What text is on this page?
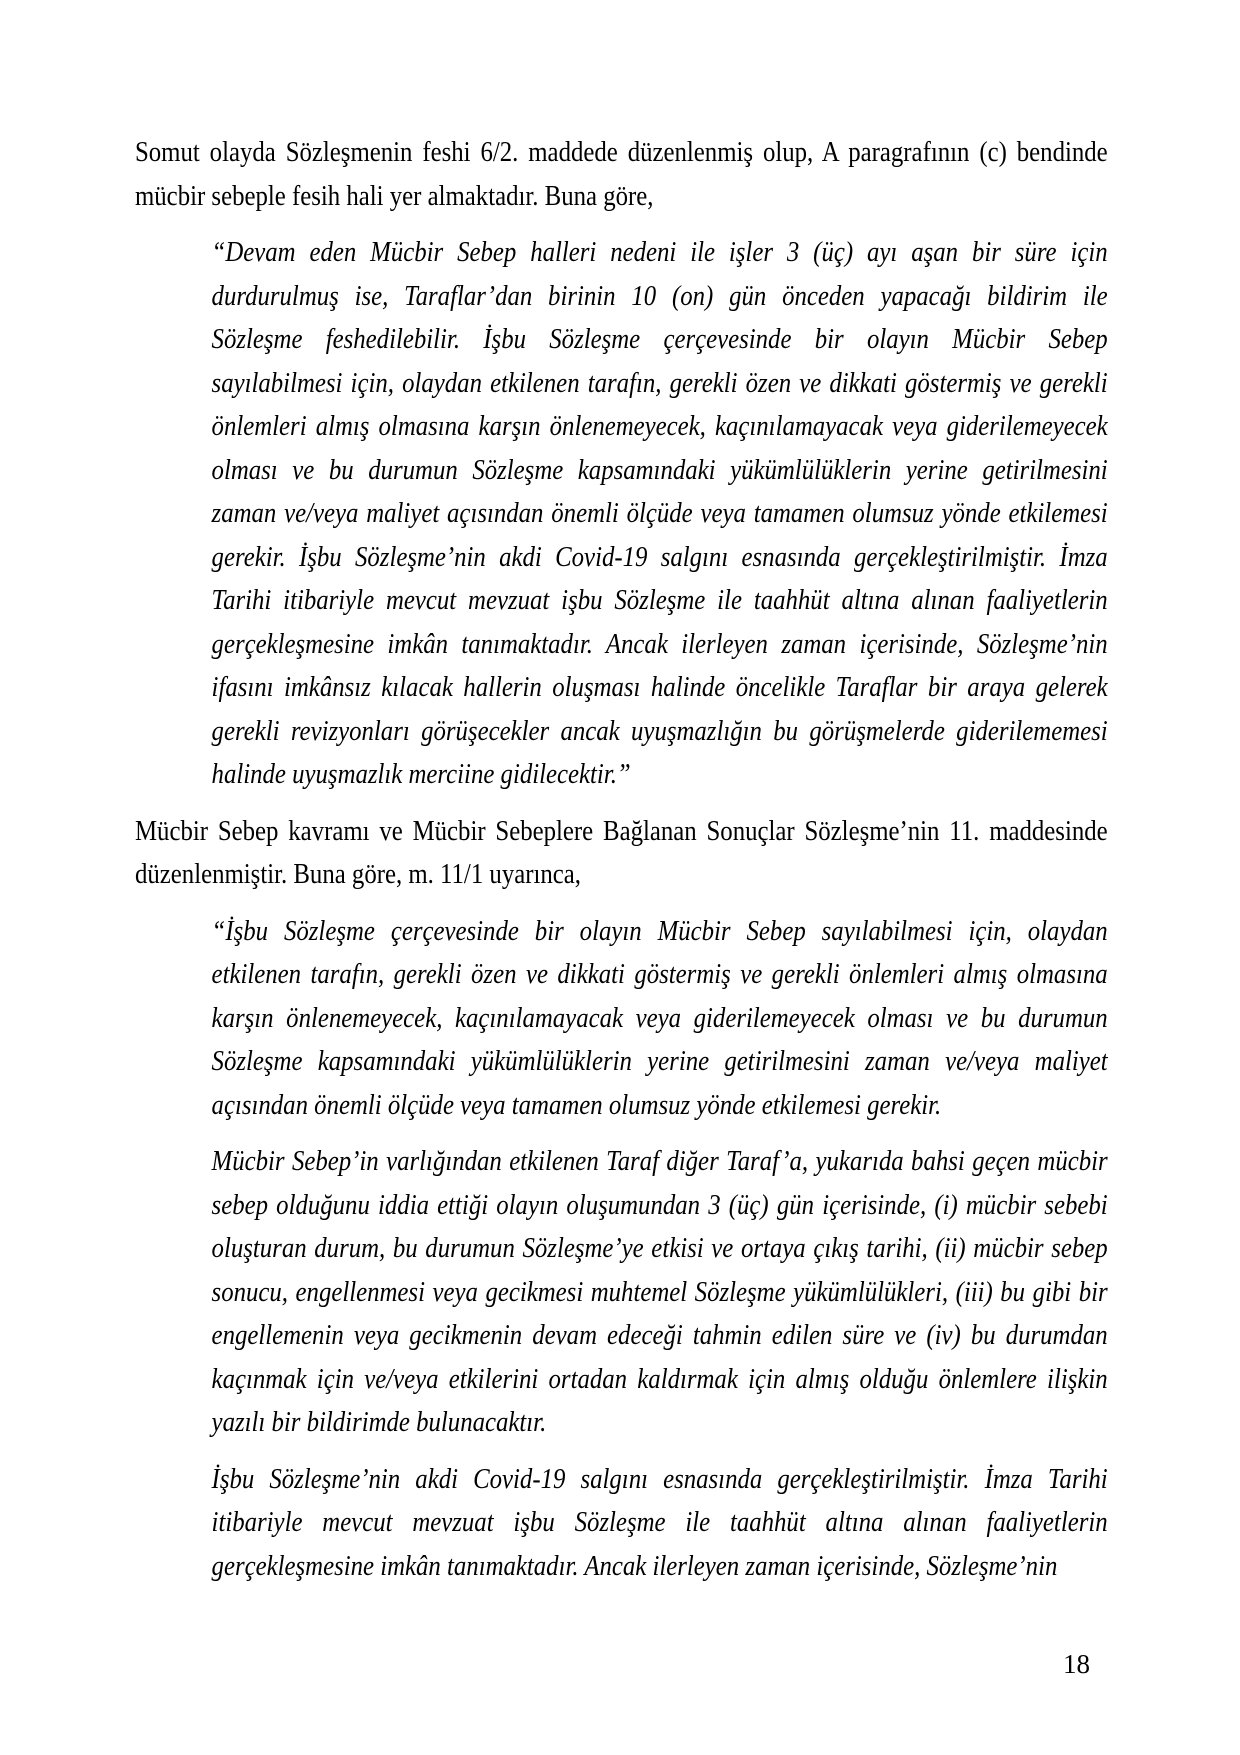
Somut olayda Sözleşmenin feshi 6/2. maddede düzenlenmiş olup, A paragrafının (c) bendinde mücbir sebeple fesih hali yer almaktadır. Buna göre,

“Devam eden Mücbir Sebep halleri nedeni ile işler 3 (üç) ayı aşan bir süre için durdurulmuş ise, Taraflar’dan birinin 10 (on) gün önceden yapacağı bildirim ile Sözleşme feshedilebilir. İşbu Sözleşme çerçevesinde bir olayın Mücbir Sebep sayılabilmesi için, olaydan etkilenen tarafın, gerekli özen ve dikkati göstermiş ve gerekli önlemleri almış olmasına karşın önlenemeyecek, kaçınılamayacak veya giderilemeyecek olması ve bu durumun Sözleşme kapsamındaki yükümlülüklerin yerine getirilmesini zaman ve/veya maliyet açısından önemli ölçüde veya tamamen olumsuz yönde etkilemesi gerekir. İşbu Sözleşme’nin akdi Covid-19 salgını esnasında gerçekleştirilmiştir. İmza Tarihi itibariyle mevcut mevzuat işbu Sözleşme ile taahhüt altına alınan faaliyetlerin gerçekleşmesine imkân tanımaktadır. Ancak ilerleyen zaman içerisinde, Sözleşme’nin ifasını imkânsız kılacak hallerin oluşması halinde öncelikle Taraflar bir araya gelerek gerekli revizyonları görüşecekler ancak uyuşmazlığın bu görüşmelerde giderilememesi halinde uyuşmazlık merciine gidilecektir.”

Mücbir Sebep kavramı ve Mücbir Sebeplere Bağlanan Sonuçlar Sözleşme’nin 11. maddesinde düzenlenmiştir. Buna göre, m. 11/1 uyarınca,

“İşbu Sözleşme çerçevesinde bir olayın Mücbir Sebep sayılabilmesi için, olaydan etkilenen tarafın, gerekli özen ve dikkati göstermiş ve gerekli önlemleri almış olmasına karşın önlenemeyecek, kaçınılamayacak veya giderilemeyecek olması ve bu durumun Sözleşme kapsamındaki yükümlülüklerin yerine getirilmesini zaman ve/veya maliyet açısından önemli ölçüde veya tamamen olumsuz yönde etkilemesi gerekir.

Mücbir Sebep’in varlığından etkilenen Taraf diğer Taraf’a, yukarıda bahsi geçen mücbir sebep olduğunu iddia ettiği olayın oluşumundan 3 (üç) gün içerisinde, (i) mücbir sebebi oluşturan durum, bu durumun Sözleşme’ye etkisi ve ortaya çıkış tarihi, (ii) mücbir sebep sonucu, engellenmesi veya gecikmesi muhtemel Sözleşme yükümlülükleri, (iii) bu gibi bir engellemenin veya gecikmenin devam edeceği tahmin edilen süre ve (iv) bu durumdan kaçınmak için ve/veya etkilerini ortadan kaldırmak için almış olduğu önlemlere ilişkin yazılı bir bildirimde bulunacaktır.

İşbu Sözleşme’nin akdi Covid-19 salgını esnasında gerçekleştirilmiştir. İmza Tarihi itibariyle mevcut mevzuat işbu Sözleşme ile taahhüt altına alınan faaliyetlerin gerçekleşmesine imkân tanımaktadır. Ancak ilerleyen zaman içerisinde, Sözleşme’nin

18
